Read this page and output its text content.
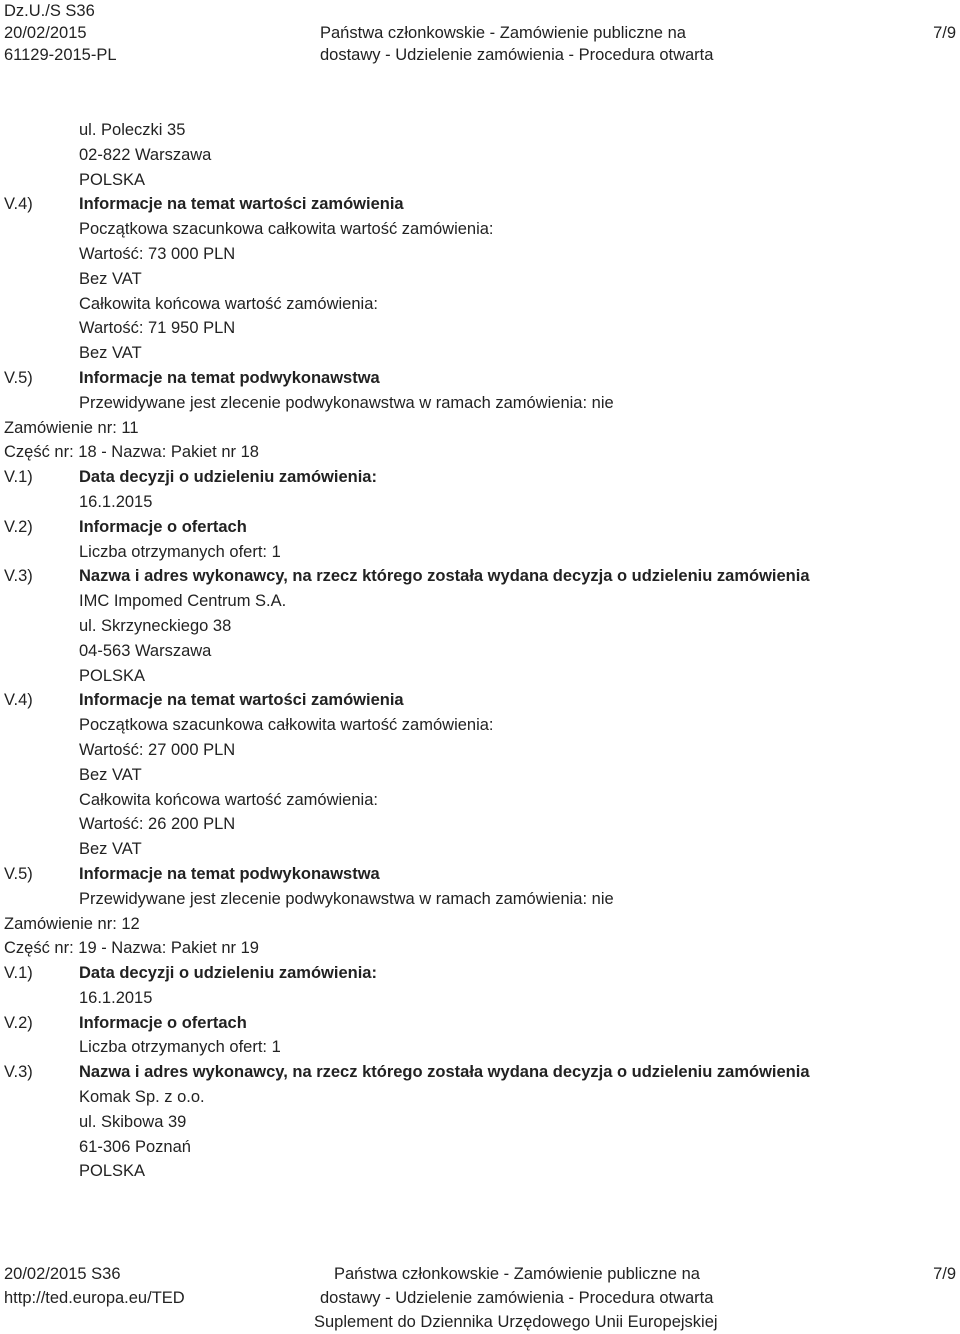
Dz.U./S S36
20/02/2015
61129-2015-PL
Państwa członkowskie - Zamówienie publiczne na
dostawy - Udzielenie zamówienia - Procedura otwarta
7/9
ul. Poleczki 35
02-822 Warszawa
POLSKA
V.4)	Informacje na temat wartości zamówienia
Początkowa szacunkowa całkowita wartość zamówienia:
Wartość: 73 000 PLN
Bez VAT
Całkowita końcowa wartość zamówienia:
Wartość: 71 950 PLN
Bez VAT
V.5)	Informacje na temat podwykonawstwa
Przewidywane jest zlecenie podwykonawstwa w ramach zamówienia: nie
Zamówienie nr: 11
Część nr: 18 - Nazwa: Pakiet nr 18
V.1)	Data decyzji o udzieleniu zamówienia:
16.1.2015
V.2)	Informacje o ofertach
Liczba otrzymanych ofert: 1
V.3)	Nazwa i adres wykonawcy, na rzecz którego została wydana decyzja o udzieleniu zamówienia
IMC Impomed Centrum S.A.
ul. Skrzyneckiego 38
04-563 Warszawa
POLSKA
V.4)	Informacje na temat wartości zamówienia
Początkowa szacunkowa całkowita wartość zamówienia:
Wartość: 27 000 PLN
Bez VAT
Całkowita końcowa wartość zamówienia:
Wartość: 26 200 PLN
Bez VAT
V.5)	Informacje na temat podwykonawstwa
Przewidywane jest zlecenie podwykonawstwa w ramach zamówienia: nie
Zamówienie nr: 12
Część nr: 19 - Nazwa: Pakiet nr 19
V.1)	Data decyzji o udzieleniu zamówienia:
16.1.2015
V.2)	Informacje o ofertach
Liczba otrzymanych ofert: 1
V.3)	Nazwa i adres wykonawcy, na rzecz którego została wydana decyzja o udzieleniu zamówienia
Komak Sp. z o.o.
ul. Skibowa 39
61-306 Poznań
POLSKA
20/02/2015 S36
http://ted.europa.eu/TED
Państwa członkowskie - Zamówienie publiczne na
dostawy - Udzielenie zamówienia - Procedura otwarta
Suplement do Dziennika Urzędowego Unii Europejskiej
7/9
